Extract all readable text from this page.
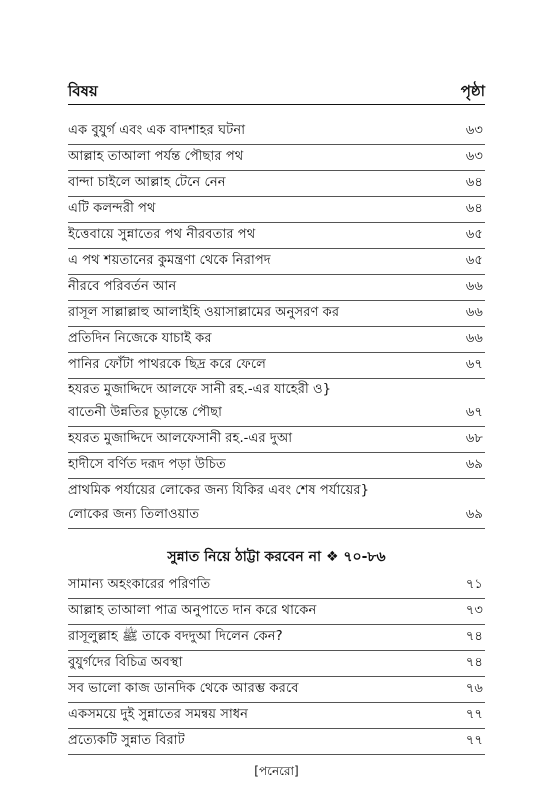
বিষয়	পৃষ্ঠা
এক বুযুর্গ এবং এক বাদশাহর ঘটনা	৬৩
আল্লাহ তাআলা পর্যন্ত পৌছার পথ	৬৩
বান্দা চাইলে আল্লাহ টেনে নেন	৬৪
এটি কলন্দরী পথ	৬৪
ইত্তেবায়ে সুন্নাতের পথ নীরবতার পথ	৬৫
এ পথ শয়তানের কুমন্ত্রণা থেকে নিরাপদ	৬৫
নীরবে পরিবর্তন আন	৬৬
রাসূল সাল্লাল্লাহু আলাইহি ওয়াসাল্লামের অনুসরণ কর	৬৬
প্রতিদিন নিজেকে যাচাই কর	৬৬
পানির ফোঁটা পাথরকে ছিদ্র করে ফেলে	৬৭
হযরত মুজাদ্দিদে আলফে সানী রহ.-এর যাহেরী ও}
বাতেনী উন্নতির চূড়ান্তে পৌছা	৬৭
হযরত মুজাদ্দিদে আলফেসানী রহ.-এর দুআ	৬৮
হাদীসে বর্ণিত দরূদ পড়া উচিত	৬৯
প্রাথমিক পর্যায়ের লোকের জন্য যিকির এবং শেষ পর্যায়ের}
লোকের জন্য তিলাওয়াত	৬৯
সুন্নাত নিয়ে ঠাট্টা করবেন না ❖ ৭০-৮৬
সামান্য অহংকারের পরিণতি	৭১
আল্লাহ তাআলা পাত্র অনুপাতে দান করে থাকেন	৭৩
রাসূলুল্লাহ ﷺ তাকে বদদুআ দিলেন কেন?	৭৪
বুযুর্গদের বিচিত্র অবস্থা	৭৪
সব ভালো কাজ ডানদিক থেকে আরম্ভ করবে	৭৬
একসময়ে দুই সুন্নাতের সমন্বয় সাধন	৭৭
প্রত্যেকটি সুন্নাত বিরাট	৭৭
[পনেরো]
